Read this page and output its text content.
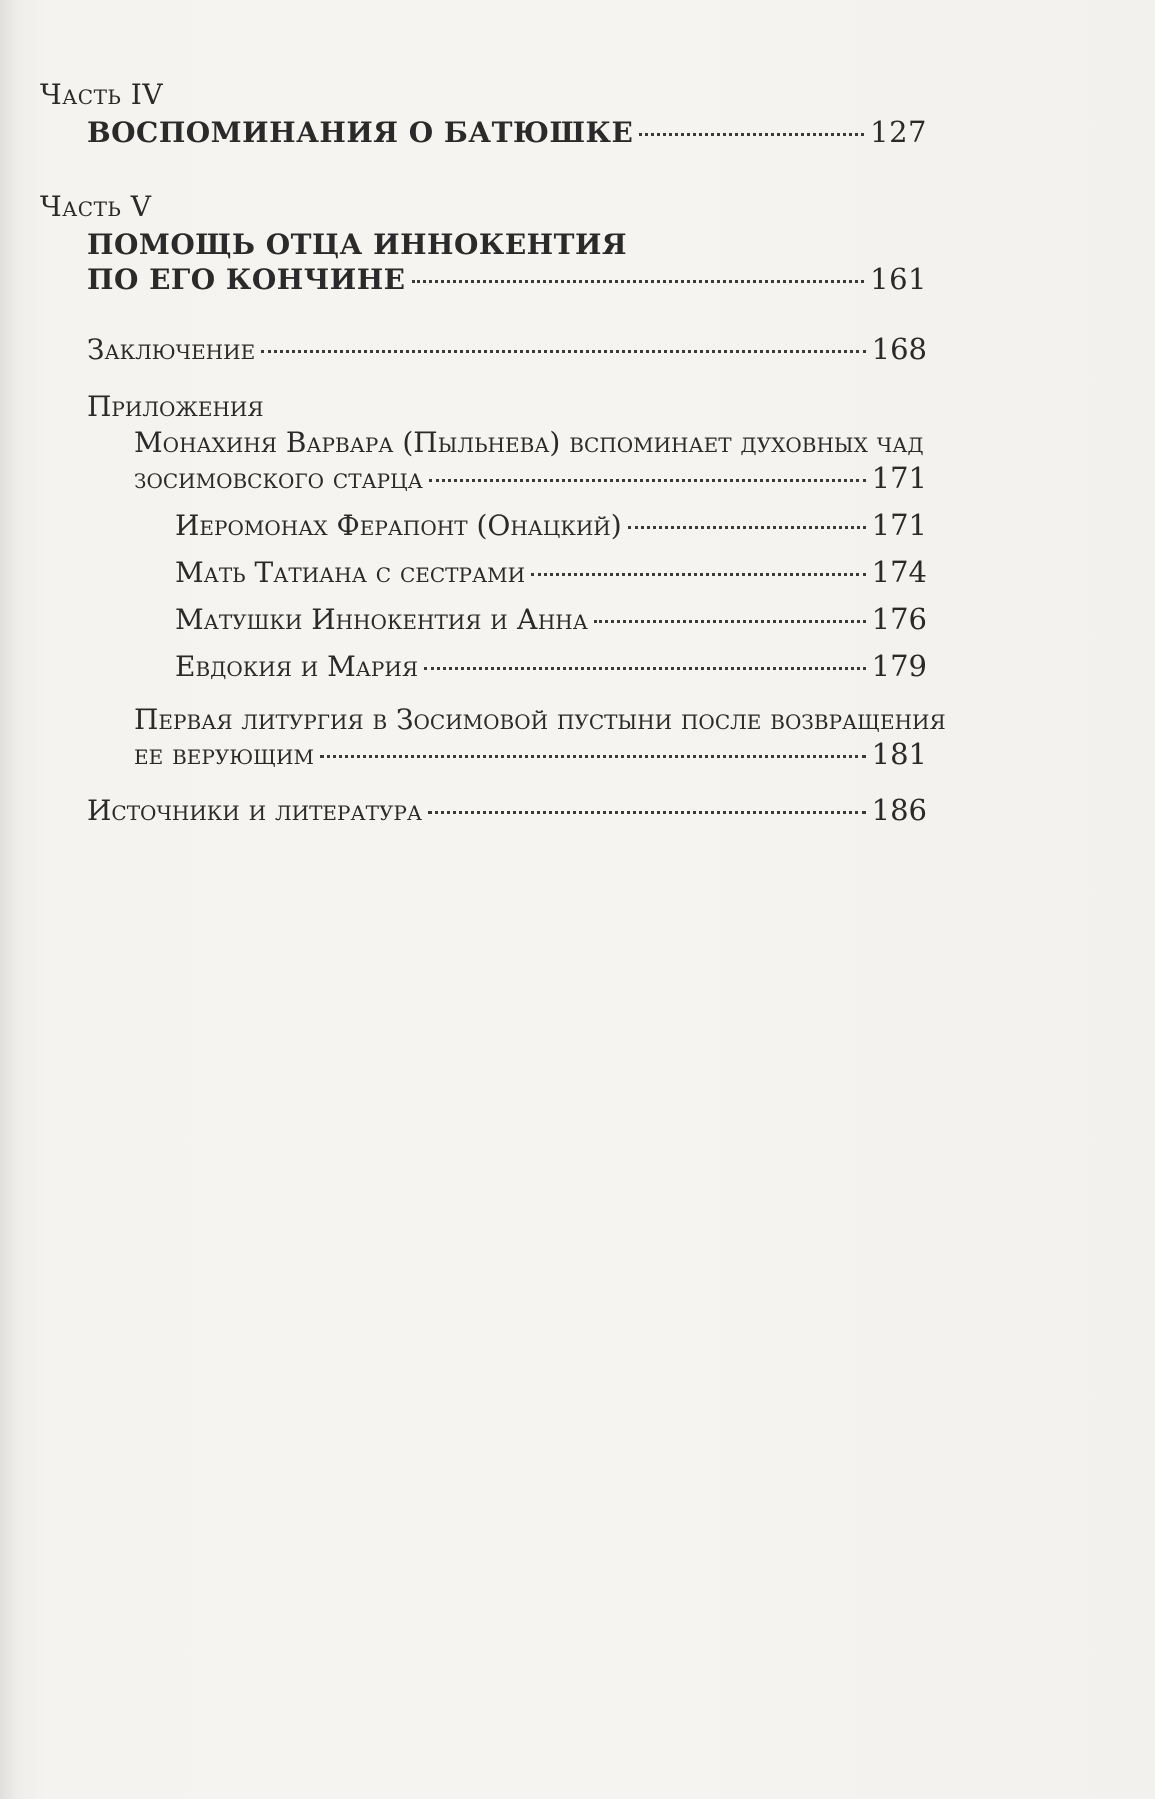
Часть IV
ВОСПОМИНАНИЯ О БАТЮШКЕ	127
Часть V
ПОМОЩЬ ОТЦА ИННОКЕНТИЯ
ПО ЕГО КОНЧИНЕ	161
Заключение	168
Приложения
Монахиня Варвара (Пыльнева) вспоминает духовных чад
зосимовского старца	171
Иеромонах Ферапонт (Онацкий)	171
Мать Татиана с сестрами	174
Матушки Иннокентия и Анна	176
Евдокия и Мария	179
Первая литургия в Зосимовой пустыни после возвращения
ее верующим	181
Источники и литература	186
